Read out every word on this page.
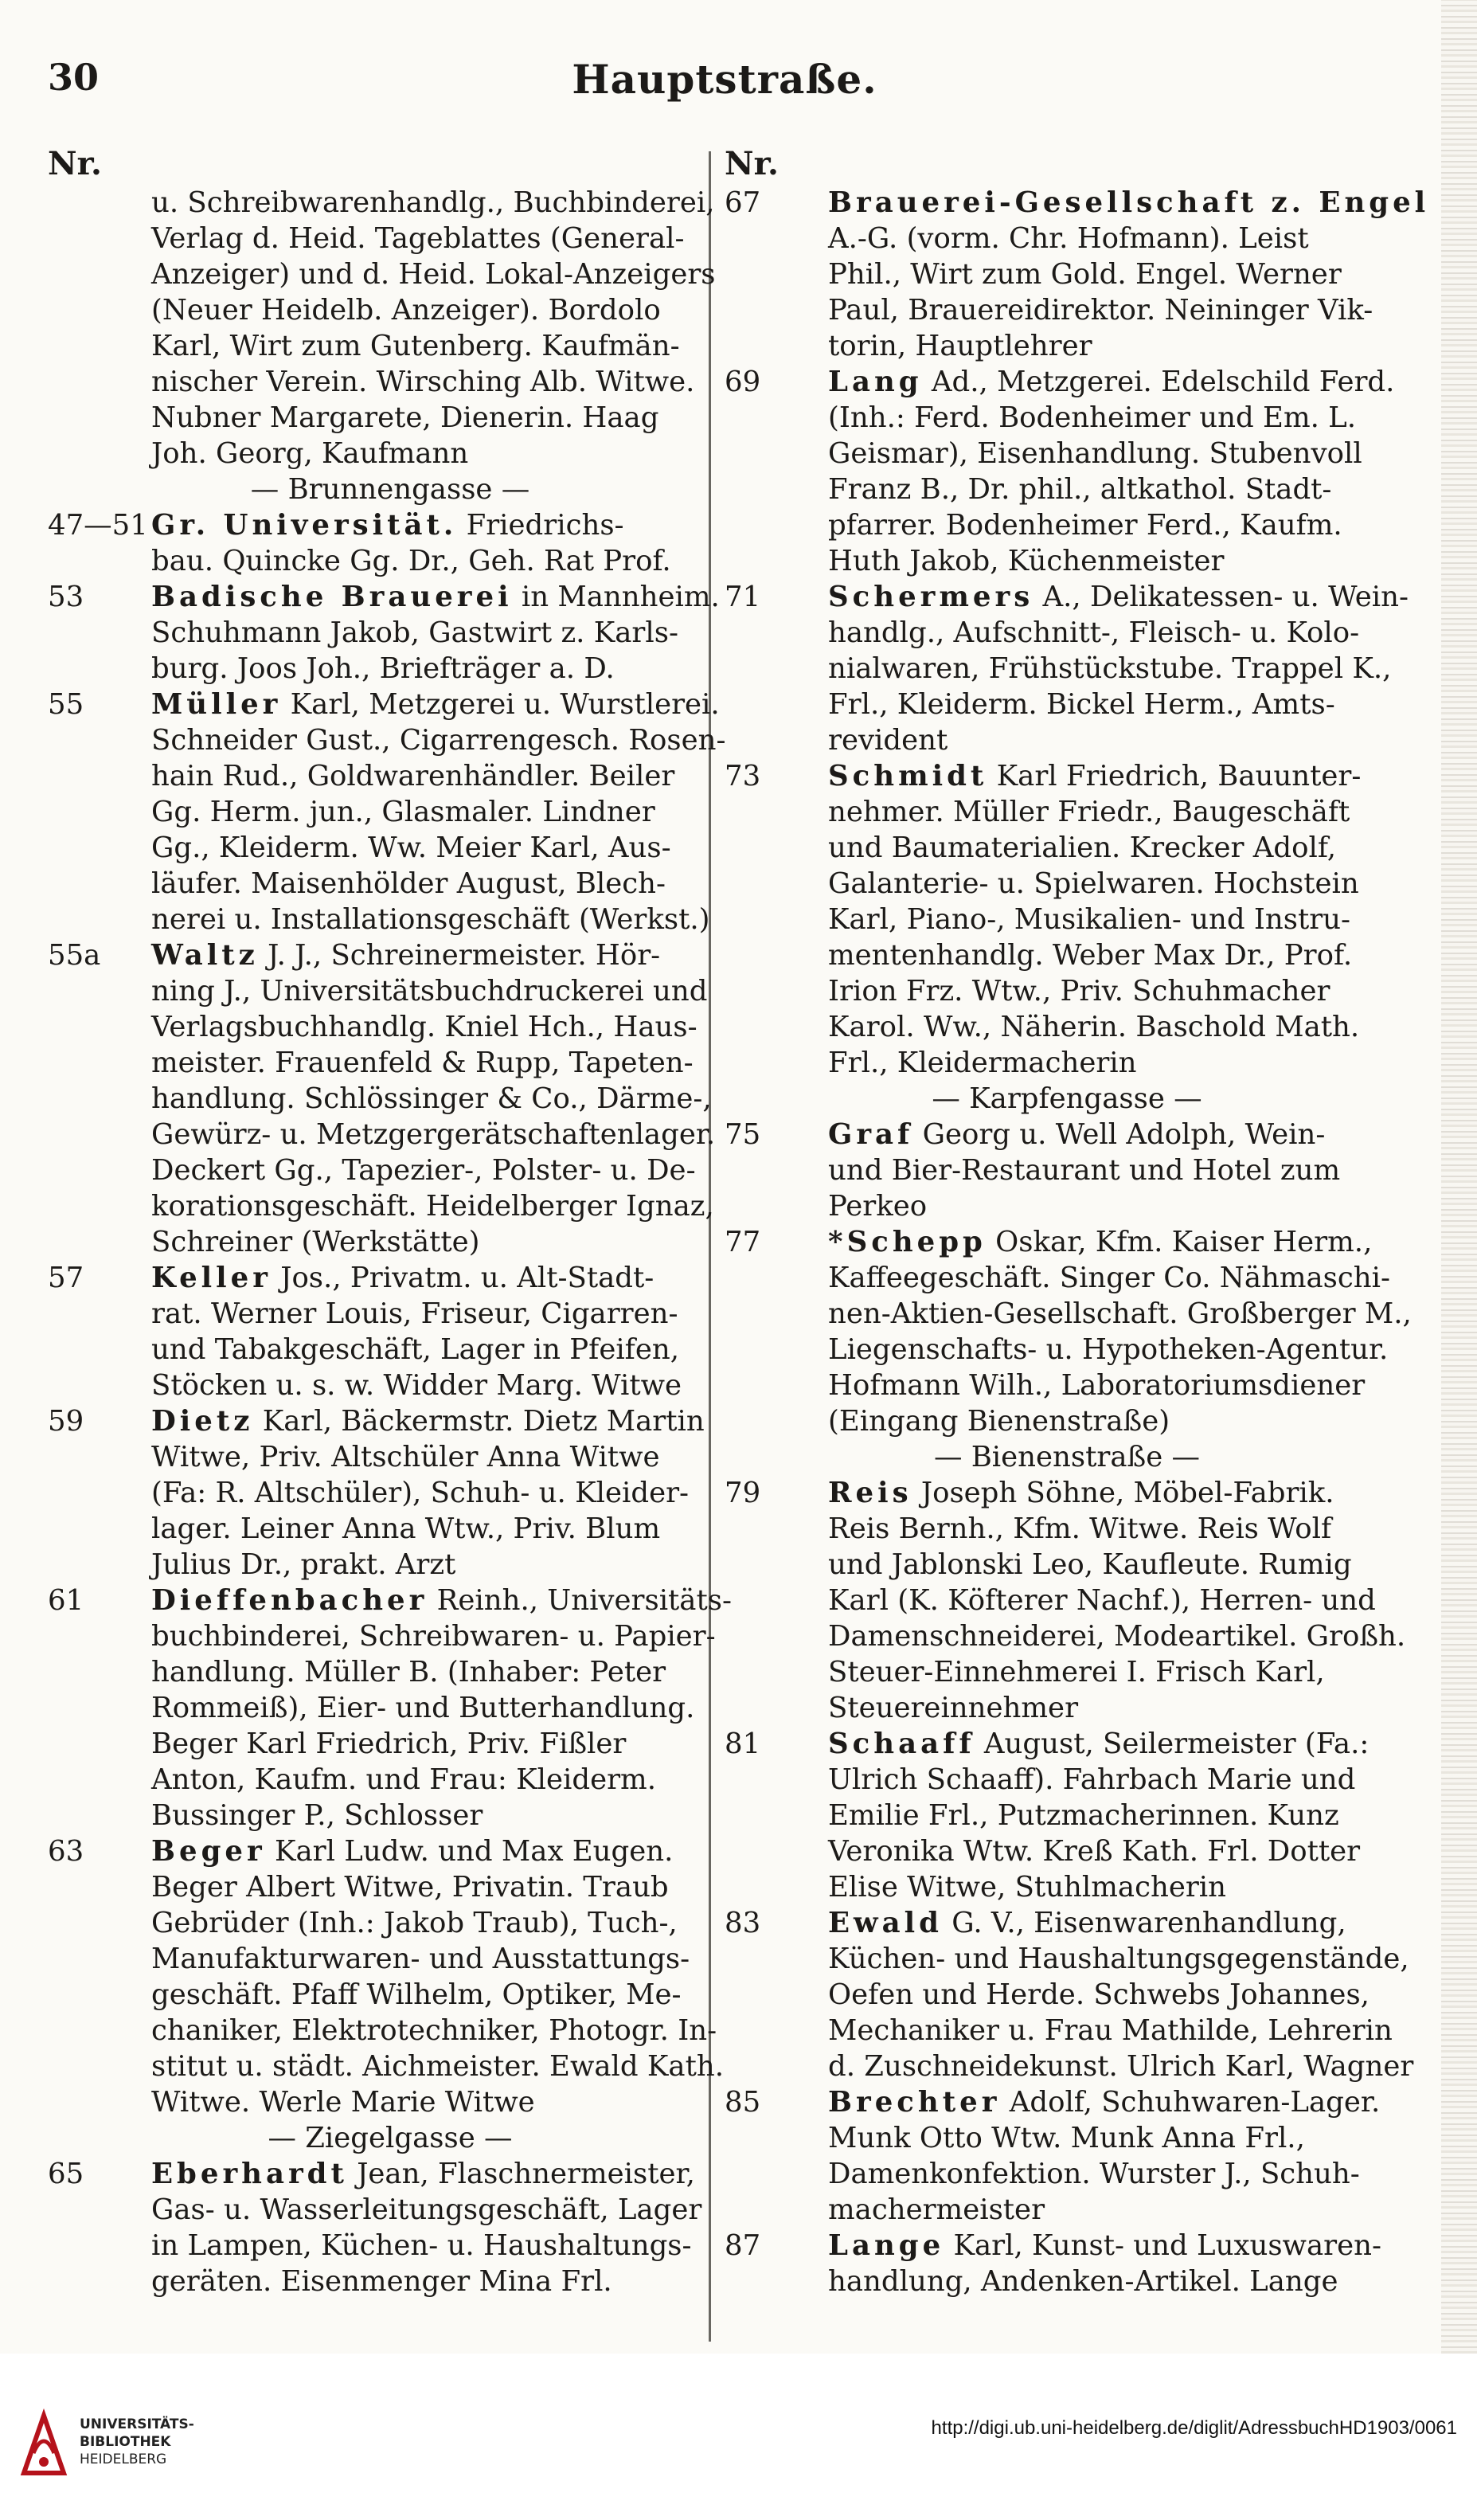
30	Hauptstraße.
Nr.
u. Schreibwarenhandlg., Buchbinderei,
Verlag d. Heid. Tageblattes (General-
Anzeiger) und d. Heid. Lokal-Anzeigers
(Neuer Heidelb. Anzeiger). Bordolo
Karl, Wirt zum Gutenberg. Kaufmän-
nischer Verein. Wirsching Alb. Witwe.
Nubner Margarete, Dienerin. Haag
Joh. Georg, Kaufmann
— Brunnengasse —
47—51 Gr. Universität. Friedrichs-
bau. Quincke Gg. Dr., Geh. Rat Prof.
53 Badische Brauerei in Mannheim.
Schuhmann Jakob, Gastwirt z. Karls-
burg. Joos Joh., Briefträger a. D.
55 Müller Karl, Metzgerei u. Wurstlerei.
Schneider Gust., Cigarrengesch. Rosen-
hain Rud., Goldwarenhändler. Beiler
Gg. Herm. jun., Glasmaler. Lindner
Gg., Kleiderm. Ww. Meier Karl, Aus-
läufer. Maisenhölder August, Blech-
nerei u. Installationsgeschäft (Werkst.)
55a Waltz J. J., Schreinermeister. Hör-
ning J., Universitätsbuchdruckerei und
Verlagsbuchhandlg. Kniel Hch., Haus-
meister. Frauenfeld & Rupp, Tapeten-
handlung. Schlössinger & Co., Därme-,
Gewürz- u. Metzgergerätschaftenlager.
Deckert Gg., Tapezier-, Polster- u. De-
korationsgeschäft. Heidelberger Ignaz,
Schreiner (Werkstätte)
57 Keller Jos., Privatm. u. Alt-Stadt-
rat. Werner Louis, Friseur, Cigarren-
und Tabakgeschäft, Lager in Pfeifen,
Stöcken u. s. w. Widder Marg. Witwe
59 Dietz Karl, Bäckermstr. Dietz Martin
Witwe, Priv. Altschüler Anna Witwe
(Fa: R. Altschüler), Schuh- u. Kleider-
lager. Leiner Anna Wtw., Priv. Blum
Julius Dr., prakt. Arzt
61 Dieffenbacher Reinh., Universitäts-
buchbinderei, Schreibwaren- u. Papier-
handlung. Müller B. (Inhaber: Peter
Rommeiß), Eier- und Butterhandlung.
Beger Karl Friedrich, Priv. Fißler
Anton, Kaufm. und Frau: Kleiderm.
Bussinger P., Schlosser
63 Beger Karl Ludw. und Max Eugen.
Beger Albert Witwe, Privatin. Traub
Gebrüder (Inh.: Jakob Traub), Tuch-,
Manufakturwaren- und Ausstattungs-
geschäft. Pfaff Wilhelm, Optiker, Me-
chaniker, Elektrotechniker, Photogr. In-
stitut u. städt. Aichmeister. Ewald Kath.
Witwe. Werle Marie Witwe
— Ziegelgasse —
65 Eberhardt Jean, Flaschnermeister,
Gas- u. Wasserleitungsgeschäft, Lager
in Lampen, Küchen- u. Haushaltungs-
geräten. Eisenmenger Mina Frl.
Nr.
67 Brauerei-Gesellschaft z. Engel
A.-G. (vorm. Chr. Hofmann). Leist
Phil., Wirt zum Gold. Engel. Werner
Paul, Brauereidirektor. Neininger Vik-
torin, Hauptlehrer
69 Lang Ad., Metzgerei. Edelschild Ferd.
(Inh.: Ferd. Bodenheimer und Em. L.
Geismar), Eisenhandlung. Stubenvoll
Franz B., Dr. phil., altkathol. Stadt-
pfarrer. Bodenheimer Ferd., Kaufm.
Huth Jakob, Küchenmeister
71 Schermers A., Delikatessen- u. Wein-
handlg., Aufschnitt-, Fleisch- u. Kolo-
nialwaren, Frühstückstube. Trappel K.,
Frl., Kleiderm. Bickel Herm., Amts-
revident
73 Schmidt Karl Friedrich, Bauunter-
nehmer. Müller Friedr., Baugeschäft
und Baumaterialien. Krecker Adolf,
Galanterie- u. Spielwaren. Hochstein
Karl, Piano-, Musikalien- und Instru-
mentenhandlg. Weber Max Dr., Prof.
Irion Frz. Wtw., Priv. Schuhmacher
Karol. Ww., Näherin. Baschold Math.
Frl., Kleidermacherin
— Karpfengasse —
75 Graf Georg u. Well Adolph, Wein-
und Bier-Restaurant und Hotel zum
Perkeo
77 *Schepp Oskar, Kfm. Kaiser Herm.,
Kaffeegeschäft. Singer Co. Nähmaschi-
nen-Aktien-Gesellschaft. Großberger M.,
Liegenschafts- u. Hypotheken-Agentur.
Hofmann Wilh., Laboratoriumsdiener
(Eingang Bienenstraße)
— Bienenstraße —
79 Reis Joseph Söhne, Möbel-Fabrik.
Reis Bernh., Kfm. Witwe. Reis Wolf
und Jablonski Leo, Kaufleute. Rumig
Karl (K. Köfterer Nachf.), Herren- und
Damenschneiderei, Modeartikel. Großh.
Steuer-Einnehmerei I. Frisch Karl,
Steuereinnehmer
81 Schaaff August, Seilermeister (Fa.:
Ulrich Schaaff). Fahrbach Marie und
Emilie Frl., Putzmacherinnen. Kunz
Veronika Wtw. Kreß Kath. Frl. Dotter
Elise Witwe, Stuhlmacherin
83 Ewald G. V., Eisenwarenhandlung,
Küchen- und Haushaltungsgegenstände,
Oefen und Herde. Schwebs Johannes,
Mechaniker u. Frau Mathilde, Lehrerin
d. Zuschneidekunst. Ulrich Karl, Wagner
85 Brechter Adolf, Schuhwaren-Lager.
Munk Otto Wtw. Munk Anna Frl.,
Damenkonfektion. Wurster J., Schuh-
machermeister
87 Lange Karl, Kunst- und Luxuswaren-
handlung, Andenken-Artikel. Lange
UNIVERSITÄTS-
BIBLIOTHEK
HEIDELBERG
http://digi.ub.uni-heidelberg.de/diglit/AdressbuchHD1903/0061
